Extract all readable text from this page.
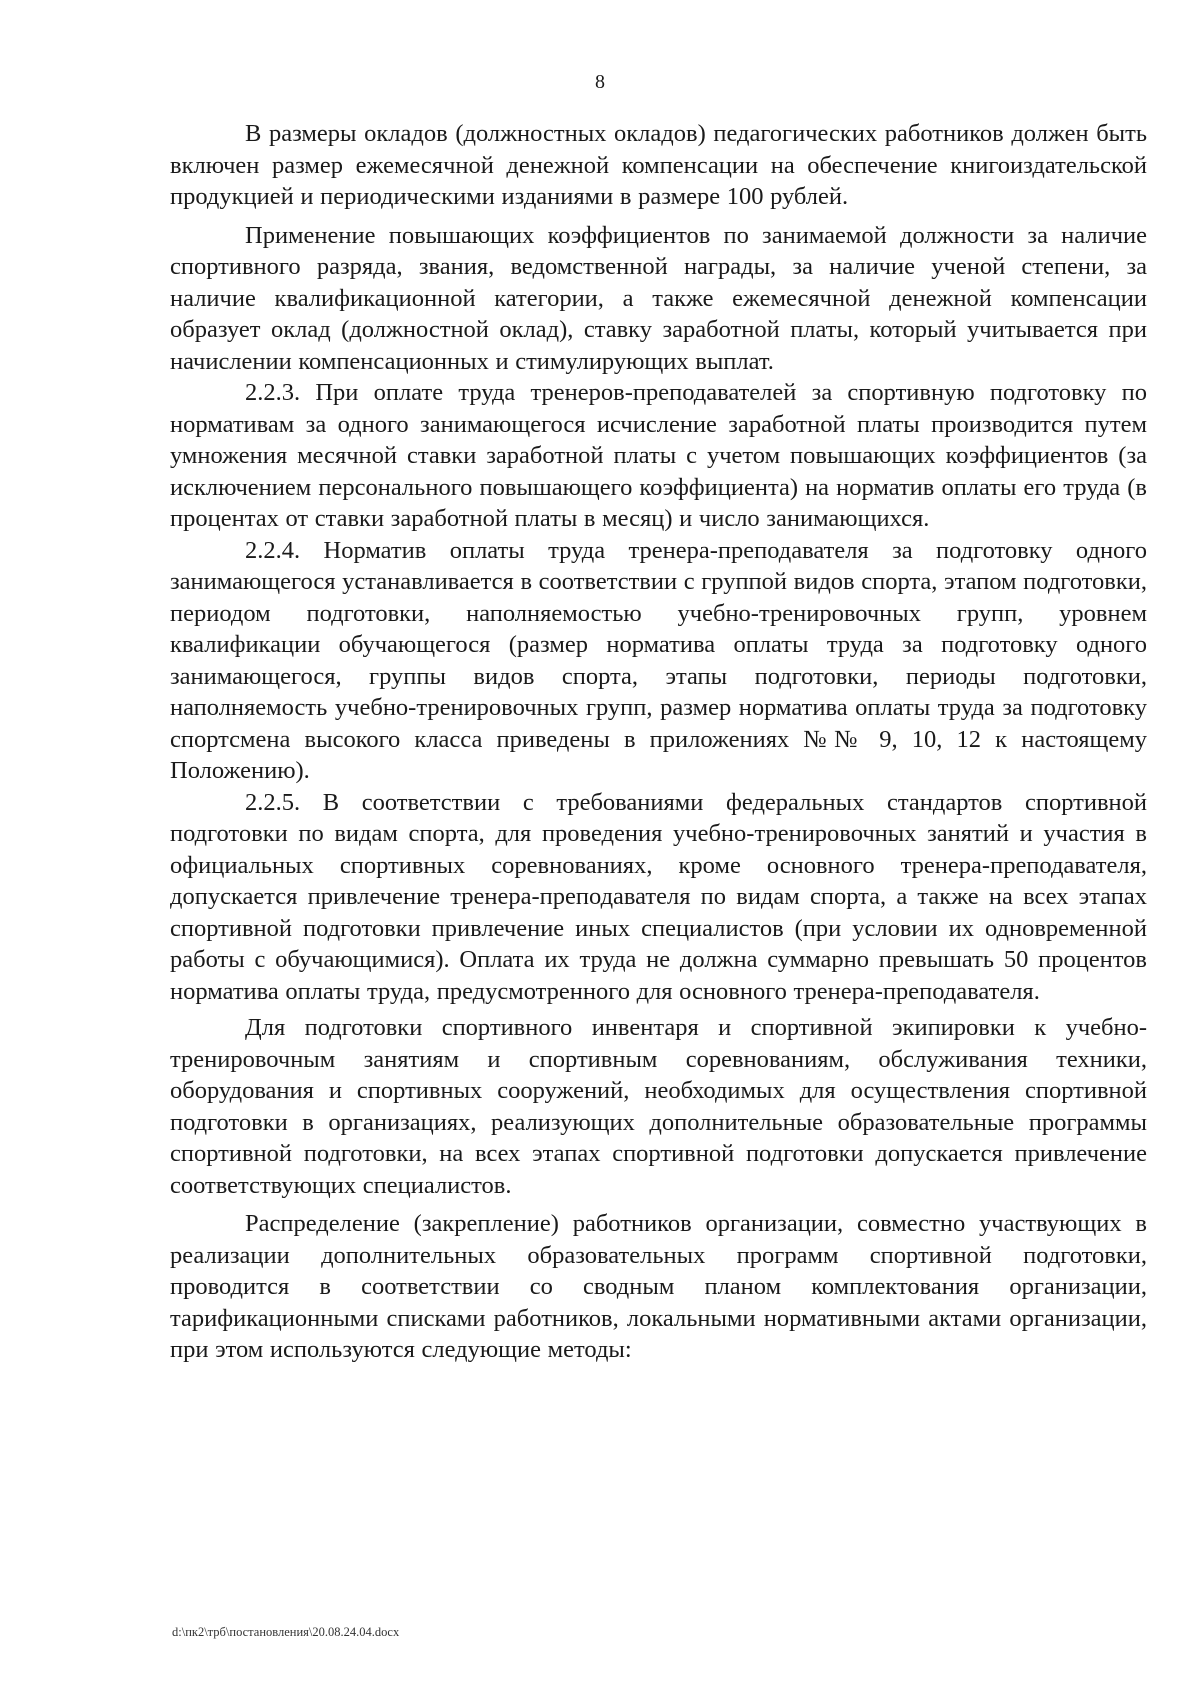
8

В размеры окладов (должностных окладов) педагогических работников должен быть включен размер ежемесячной денежной компенсации на обеспечение книгоиздательской продукцией и периодическими изданиями в размере 100 рублей.

Применение повышающих коэффициентов по занимаемой должности за наличие спортивного разряда, звания, ведомственной награды, за наличие ученой степени, за наличие квалификационной категории, а также ежемесячной денежной компенсации образует оклад (должностной оклад), ставку заработной платы, который учитывается при начислении компенсационных и стимулирующих выплат.

2.2.3. При оплате труда тренеров-преподавателей за спортивную подготовку по нормативам за одного занимающегося исчисление заработной платы производится путем умножения месячной ставки заработной платы с учетом повышающих коэффициентов (за исключением персонального повышающего коэффициента) на норматив оплаты его труда (в процентах от ставки заработной платы в месяц) и число занимающихся.

2.2.4. Норматив оплаты труда тренера-преподавателя за подготовку одного занимающегося устанавливается в соответствии с группой видов спорта, этапом подготовки, периодом подготовки, наполняемостью учебно-тренировочных групп, уровнем квалификации обучающегося (размер норматива оплаты труда за подготовку одного занимающегося, группы видов спорта, этапы подготовки, периоды подготовки, наполняемость учебно-тренировочных групп, размер норматива оплаты труда за подготовку спортсмена высокого класса приведены в приложениях №№ 9, 10, 12 к настоящему Положению).

2.2.5. В соответствии с требованиями федеральных стандартов спортивной подготовки по видам спорта, для проведения учебно-тренировочных занятий и участия в официальных спортивных соревнованиях, кроме основного тренера-преподавателя, допускается привлечение тренера-преподавателя по видам спорта, а также на всех этапах спортивной подготовки привлечение иных специалистов (при условии их одновременной работы с обучающимися). Оплата их труда не должна суммарно превышать 50 процентов норматива оплаты труда, предусмотренного для основного тренера-преподавателя.

Для подготовки спортивного инвентаря и спортивной экипировки к учебно-тренировочным занятиям и спортивным соревнованиям, обслуживания техники, оборудования и спортивных сооружений, необходимых для осуществления спортивной подготовки в организациях, реализующих дополнительные образовательные программы спортивной подготовки, на всех этапах спортивной подготовки допускается привлечение соответствующих специалистов.

Распределение (закрепление) работников организации, совместно участвующих в реализации дополнительных образовательных программ спортивной подготовки, проводится в соответствии со сводным планом комплектования организации, тарификационными списками работников, локальными нормативными актами организации, при этом используются следующие методы:

d:\пк2\трб\постановления\20.08.24.04.docx
